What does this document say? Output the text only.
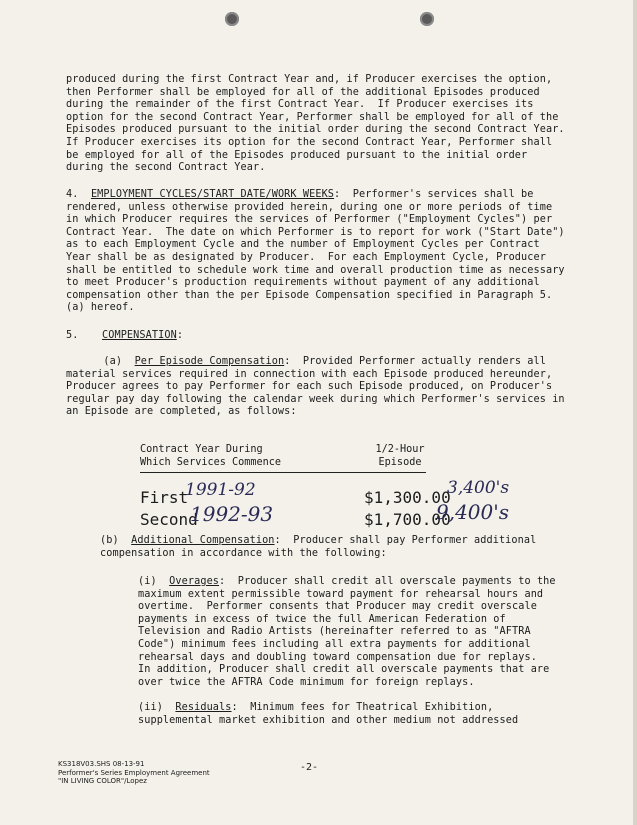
produced during the first Contract Year and, if Producer exercises the option, then Performer shall be employed for all of the additional Episodes produced during the remainder of the first Contract Year.  If Producer exercises its option for the second Contract Year, Performer shall be employed for all of the Episodes produced pursuant to the initial order during the second Contract Year.  If Producer exercises its option for the second Contract Year, Performer shall be employed for all of the Episodes produced pursuant to the initial order during the second Contract Year.
4. EMPLOYMENT CYCLES/START DATE/WORK WEEKS:  Performer's services shall be rendered, unless otherwise provided herein, during one or more periods of time in which Producer requires the services of Performer ("Employment Cycles") per Contract Year.  The date on which Performer is to report for work ("Start Date") as to each Employment Cycle and the number of Employment Cycles per Contract Year shall be as designated by Producer.  For each Employment Cycle, Producer shall be entitled to schedule work time and overall production time as necessary to meet Producer's production requirements without payment of any additional compensation other than the per Episode Compensation specified in Paragraph 5.(a) hereof.
5. COMPENSATION:
(a) Per Episode Compensation:  Provided Performer actually renders all material services required in connection with each Episode produced hereunder, Producer agrees to pay Performer for each such Episode produced, on Producer's regular pay day following the calendar week during which Performer's services in an Episode are completed, as follows:
Contract Year During
Which Services Commence
1/2-Hour
Episode
First
1991-92	$1,300.00
3,400's
Second
1992-93	$1,700.00
9,400's
(b) Additional Compensation:  Producer shall pay Performer additional compensation in accordance with the following:
(i) Overages:  Producer shall credit all overscale payments to the maximum extent permissible toward payment for rehearsal hours and overtime.  Performer consents that Producer may credit overscale payments in excess of twice the full American Federation of Television and Radio Artists (hereinafter referred to as "AFTRA Code") minimum fees including all extra payments for additional rehearsal days and doubling toward compensation due for replays.  In addition, Producer shall credit all overscale payments that are over twice the AFTRA Code minimum for foreign replays.
(ii) Residuals:  Minimum fees for Theatrical Exhibition, supplemental market exhibition and other medium not addressed
KS318V03.SHS 08-13-91
Performer's Series Employment Agreement
"IN LIVING COLOR"/Lopez
-2-
